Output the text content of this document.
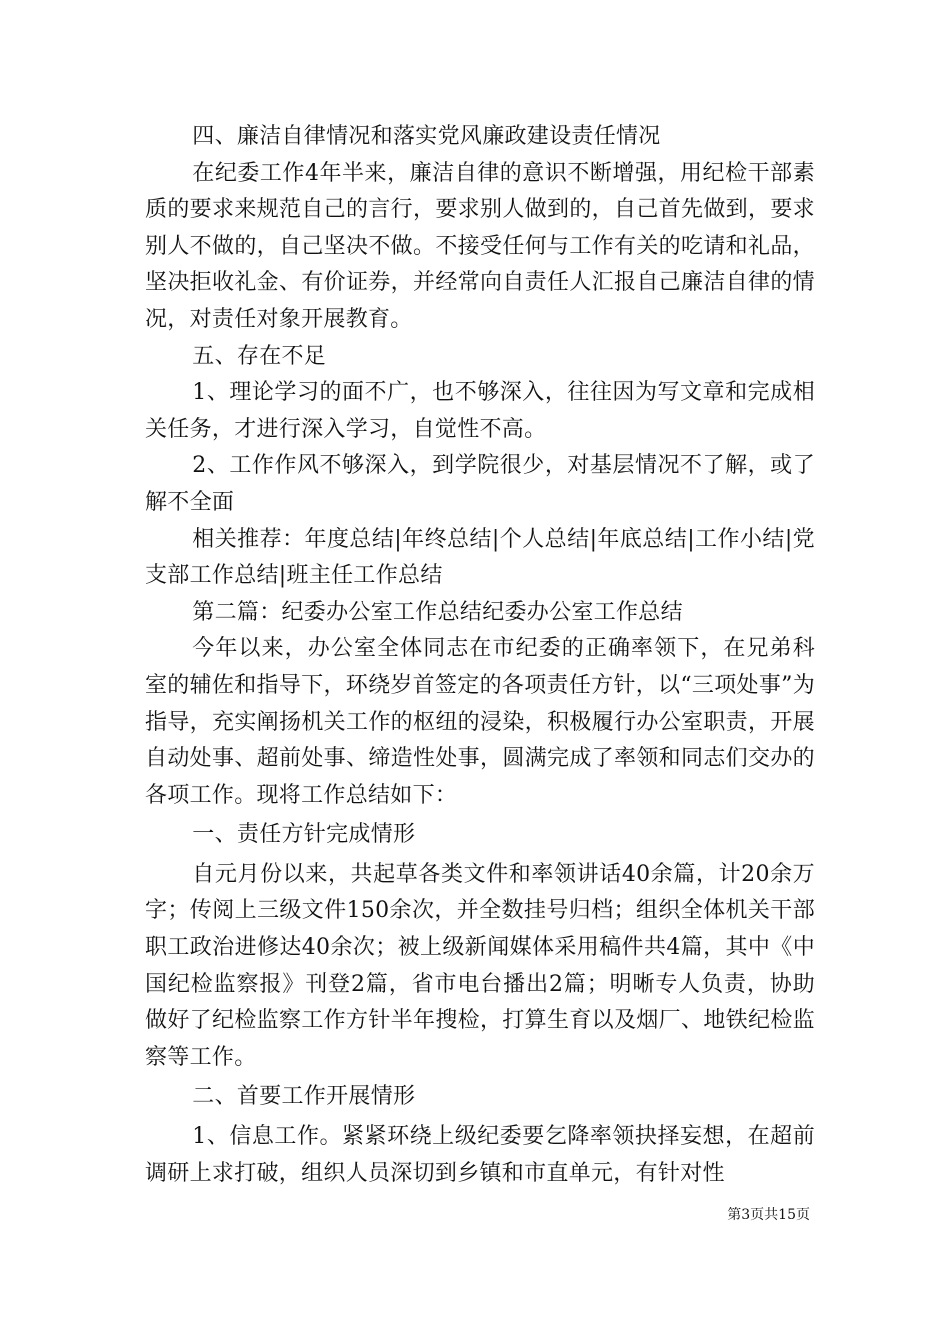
四、廉洁自律情况和落实党风廉政建设责任情况

在纪委工作4年半来，廉洁自律的意识不断增强，用纪检干部素质的要求来规范自己的言行，要求别人做到的，自己首先做到，要求别人不做的，自己坚决不做。不接受任何与工作有关的吃请和礼品，坚决拒收礼金、有价证券，并经常向自责任人汇报自己廉洁自律的情况，对责任对象开展教育。

五、存在不足

1、理论学习的面不广，也不够深入，往往因为写文章和完成相关任务，才进行深入学习，自觉性不高。

2、工作作风不够深入，到学院很少，对基层情况不了解，或了解不全面

相关推荐：年度总结|年终总结|个人总结|年底总结|工作小结|党支部工作总结|班主任工作总结

第二篇：纪委办公室工作总结纪委办公室工作总结

今年以来，办公室全体同志在市纪委的正确率领下，在兄弟科室的辅佐和指导下，环绕岁首签定的各项责任方针，以“三项处事”为指导，充实阐扬机关工作的枢纽的浸染，积极履行办公室职责，开展自动处事、超前处事、缔造性处事，圆满完成了率领和同志们交办的各项工作。现将工作总结如下：

一、责任方针完成情形

自元月份以来，共起草各类文件和率领讲话40余篇，计20余万字；传阅上三级文件150余次，并全数挂号归档；组织全体机关干部职工政治进修达40余次；被上级新闻媒体采用稿件共4篇，其中《中国纪检监察报》刊登2篇，省市电台播出2篇；明晰专人负责，协助做好了纪检监察工作方针半年搜检，打算生育以及烟厂、地铁纪检监察等工作。

二、首要工作开展情形

1、信息工作。紧紧环绕上级纪委要乞降率领抉择妄想，在超前调研上求打破，组织人员深切到乡镇和市直单元，有针对性

第3页共15页
